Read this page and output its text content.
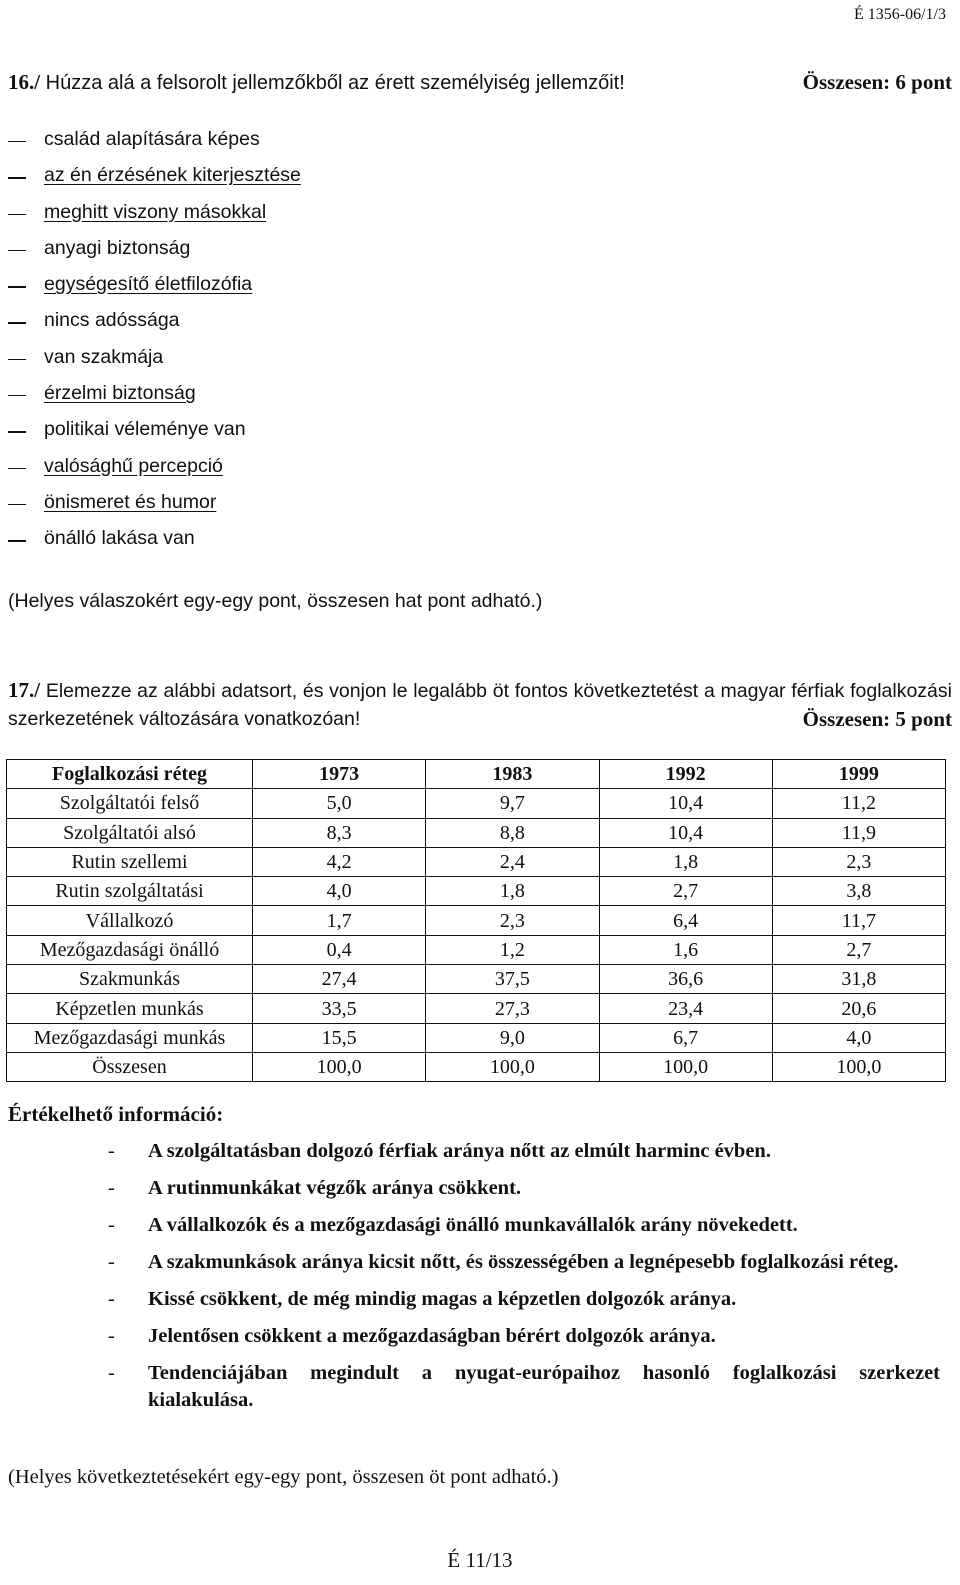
É 1356-06/1/3
16./ Húzza alá a felsorolt jellemzőkből az érett személyiség jellemzőit!	Összesen: 6 pont
család alapítására képes
az én érzésének kiterjesztése
meghitt viszony másokkal
anyagi biztonság
egységesítő életfilozófia
nincs adóssága
van szakmája
érzelmi biztonság
politikai véleménye van
valósághű percepció
önismeret és humor
önálló lakása van
(Helyes válaszokért egy-egy pont, összesen hat pont adható.)
17./ Elemezze az alábbi adatsort, és vonjon le legalább öt fontos következtetést a magyar férfiak foglalkozási szerkezetének változására vonatkozóan!	Összesen: 5 pont
Foglalkozási réteg	1973	1983	1992	1999
Szolgáltatói felső	5,0	9,7	10,4	11,2
Szolgáltatói alsó	8,3	8,8	10,4	11,9
Rutin szellemi	4,2	2,4	1,8	2,3
Rutin szolgáltatási	4,0	1,8	2,7	3,8
Vállalkozó	1,7	2,3	6,4	11,7
Mezőgazdasági önálló	0,4	1,2	1,6	2,7
Szakmunkás	27,4	37,5	36,6	31,8
Képzetlen munkás	33,5	27,3	23,4	20,6
Mezőgazdasági munkás	15,5	9,0	6,7	4,0
Összesen	100,0	100,0	100,0	100,0
Értékelhető információ:
- A szolgáltatásban dolgozó férfiak aránya nőtt az elmúlt harminc évben.
- A rutinmunkákat végzők aránya csökkent.
- A vállalkozók és a mezőgazdasági önálló munkavállalók arány növekedett.
- A szakmunkások aránya kicsit nőtt, és összességében a legnépesebb foglalkozási réteg.
- Kissé csökkent, de még mindig magas a képzetlen dolgozók aránya.
- Jelentősen csökkent a mezőgazdaságban bérért dolgozók aránya.
- Tendenciájában megindult a nyugat-európaihoz hasonló foglalkozási szerkezet kialakulása.
(Helyes következtetésekért egy-egy pont, összesen öt pont adható.)
É 11/13
